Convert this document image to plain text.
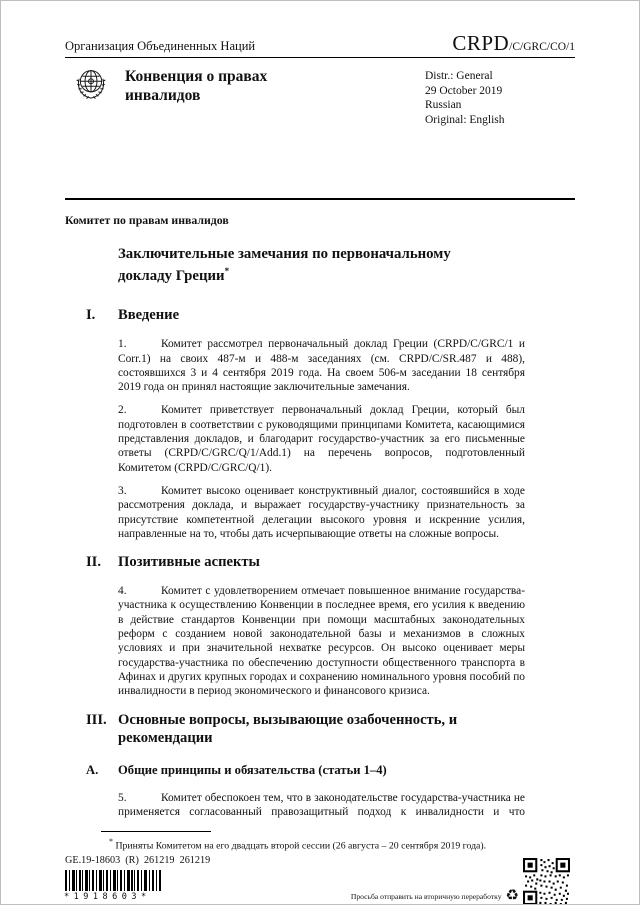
Организация Объединенных Наций	CRPD /C/GRC/CO/1
Конвенция о правах инвалидов
Distr.: General
29 October 2019
Russian
Original: English

Комитет по правам инвалидов

Заключительные замечания по первоначальному докладу Греции*
I.	Введение

1.	Комитет рассмотрел первоначальный доклад Греции (CRPD/C/GRC/1 и Corr.1) на своих 487-м и 488-м заседаниях (см. CRPD/C/SR.487 и 488), состоявшихся 3 и 4 сентября 2019 года. На своем 506-м заседании 18 сентября 2019 года он принял настоящие заключительные замечания.

2.	Комитет приветствует первоначальный доклад Греции, который был подготовлен в соответствии с руководящими принципами Комитета, касающимися представления докладов, и благодарит государство-участник за его письменные ответы (CRPD/C/GRC/Q/1/Add.1) на перечень вопросов, подготовленный Комитетом (CRPD/C/GRC/Q/1).

3.	Комитет высоко оценивает конструктивный диалог, состоявшийся в ходе рассмотрения доклада, и выражает государству-участнику признательность за присутствие компетентной делегации высокого уровня и искренние усилия, направленные на то, чтобы дать исчерпывающие ответы на сложные вопросы.

II.	Позитивные аспекты

4.	Комитет с удовлетворением отмечает повышенное внимание государства-участника к осуществлению Конвенции в последнее время, его усилия к введению в действие стандартов Конвенции при помощи масштабных законодательных реформ с созданием новой законодательной базы и механизмов в сложных условиях и при значительной нехватке ресурсов. Он высоко оценивает меры государства-участника по обеспечению доступности общественного транспорта в Афинах и других крупных городах и сохранению номинального уровня пособий по инвалидности в период экономического и финансового кризиса.

III. Основные вопросы, вызывающие озабоченность, и рекомендации
A.	Общие принципы и обязательства (статьи 1–4)

5.	Комитет обеспокоен тем, что в законодательстве государства-участника не применяется согласованный правозащитный подход к инвалидности и что

* Приняты Комитетом на его двадцать второй сессии (26 августа – 20 сентября 2019 года).
GE.19-18603  (R)  261219  261219
*1918603*	Просьба отправить на вторичную переработку ♻
